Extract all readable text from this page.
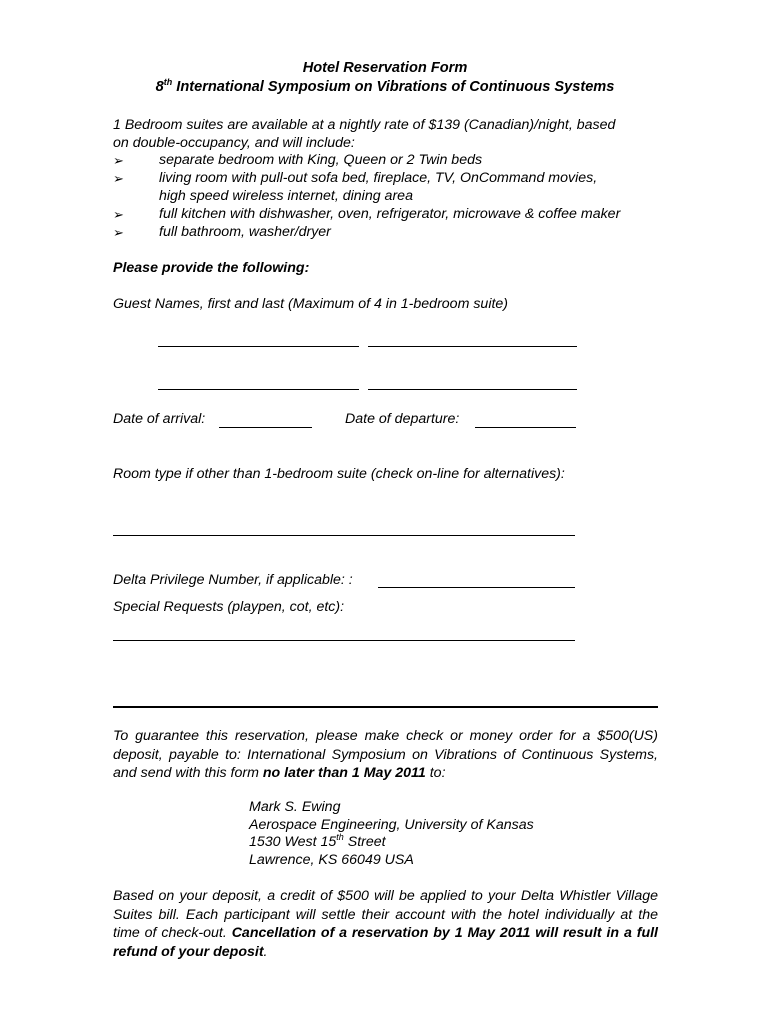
Hotel Reservation Form
8th International Symposium on Vibrations of Continuous Systems
1 Bedroom suites are available at a nightly rate of $139 (Canadian)/night, based
on double-occupancy, and will include:
➢ separate bedroom with King, Queen or 2 Twin beds
➢ living room with pull-out sofa bed, fireplace, TV, OnCommand movies,
high speed wireless internet, dining area
➢ full kitchen with dishwasher, oven, refrigerator, microwave & coffee maker
➢ full bathroom, washer/dryer
Please provide the following:
Guest Names, first and last (Maximum of 4 in 1-bedroom suite)
Date of arrival:	Date of departure:
Room type if other than 1-bedroom suite (check on-line for alternatives):
Delta Privilege Number, if applicable: :
Special Requests (playpen, cot, etc):
To guarantee this reservation, please make check or money order for a $500(US) deposit, payable to: International Symposium on Vibrations of Continuous Systems, and send with this form no later than 1 May 2011 to:
Mark S. Ewing
Aerospace Engineering, University of Kansas
1530 West 15th Street
Lawrence, KS 66049 USA
Based on your deposit, a credit of $500 will be applied to your Delta Whistler Village Suites bill. Each participant will settle their account with the hotel individually at the time of check-out. Cancellation of a reservation by 1 May 2011 will result in a full refund of your deposit.
